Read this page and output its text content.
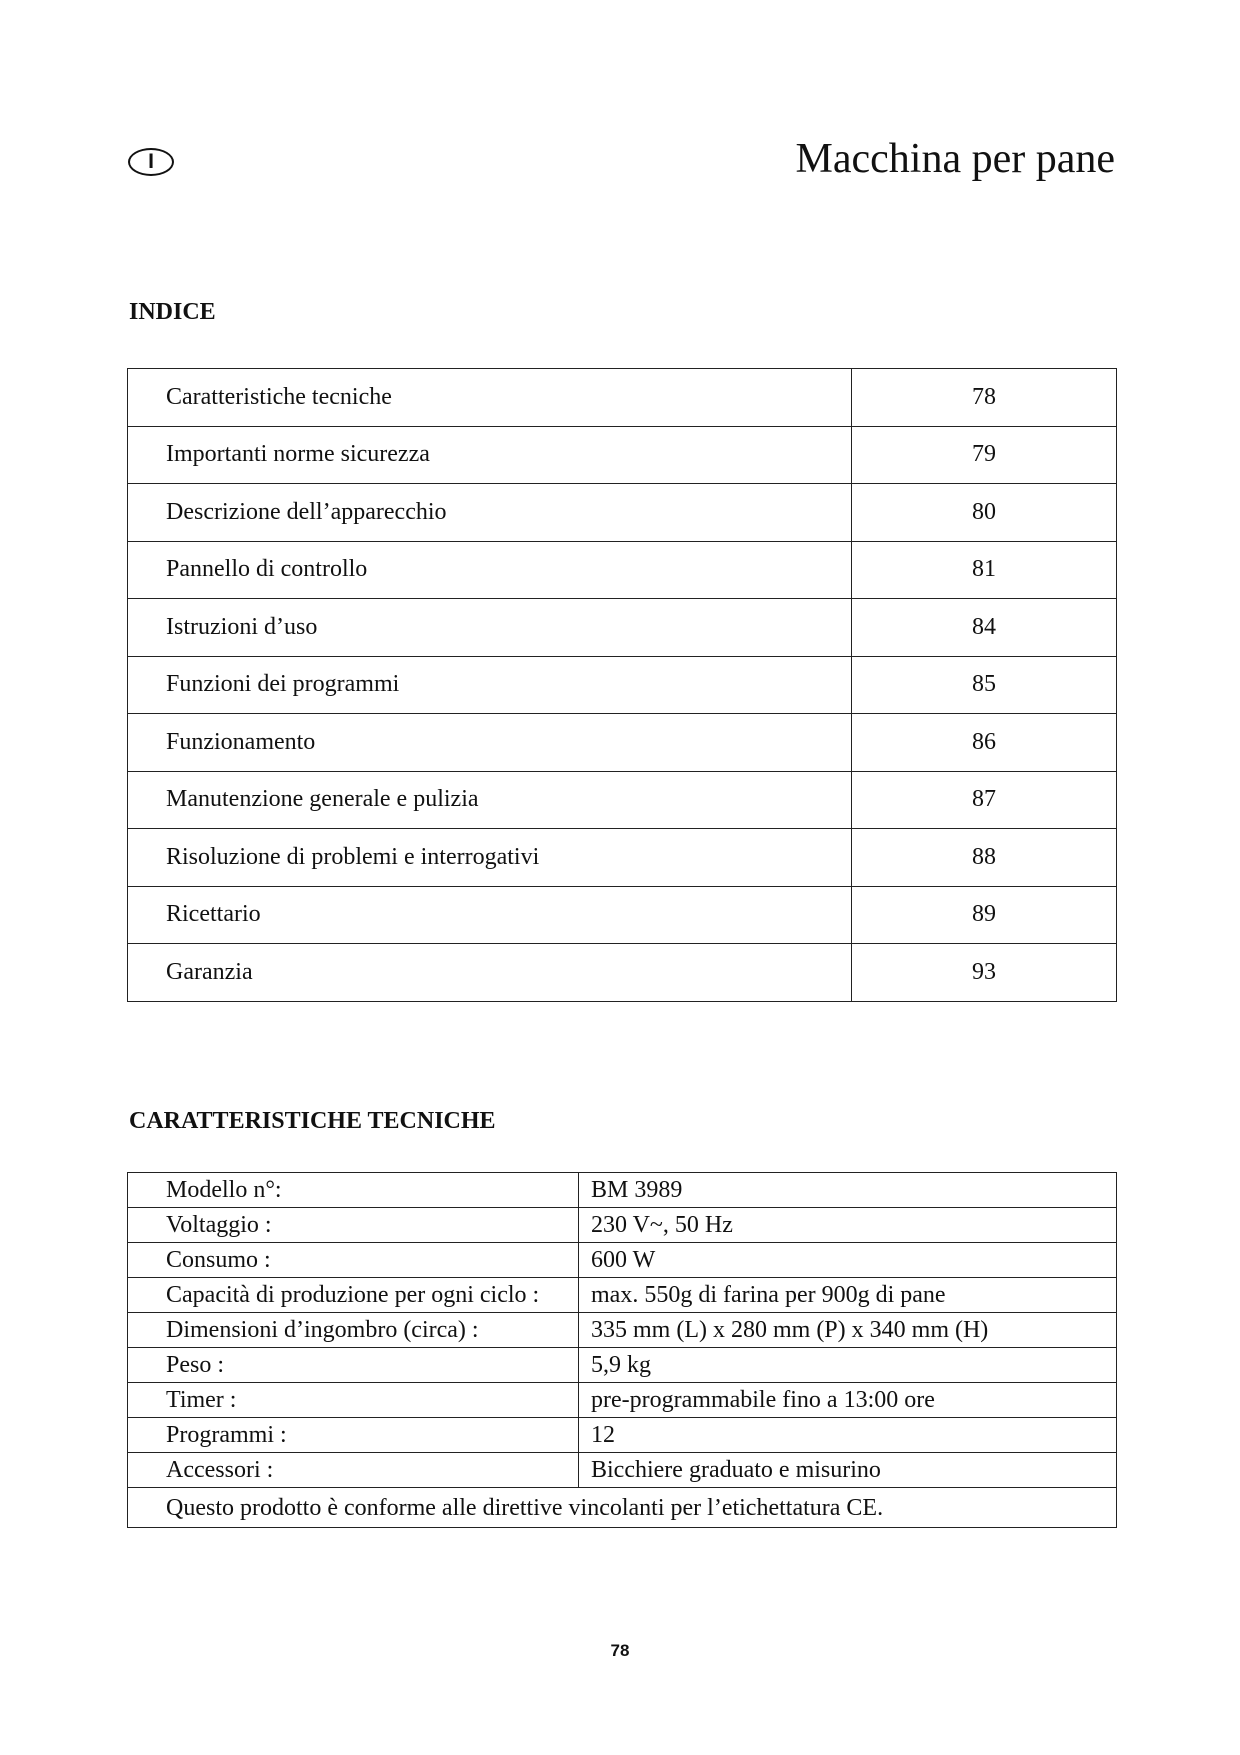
I	Macchina per pane
INDICE
Caratteristiche tecniche	78
Importanti norme sicurezza	79
Descrizione dell’apparecchio	80
Pannello di controllo	81
Istruzioni d’uso	84
Funzioni dei programmi	85
Funzionamento	86
Manutenzione generale e pulizia	87
Risoluzione di problemi e interrogativi	88
Ricettario	89
Garanzia	93
CARATTERISTICHE TECNICHE
Modello n°:	BM 3989
Voltaggio :	230 V~, 50 Hz
Consumo :	600 W
Capacità di produzione per ogni ciclo :	max. 550g di farina per 900g di pane
Dimensioni d’ingombro (circa) :	335 mm (L) x 280 mm (P) x 340 mm (H)
Peso :	5,9 kg
Timer :	pre-programmabile fino a 13:00 ore
Programmi :	12
Accessori :	Bicchiere graduato e misurino
Questo prodotto è conforme alle direttive vincolanti per l’etichettatura CE.	
78
